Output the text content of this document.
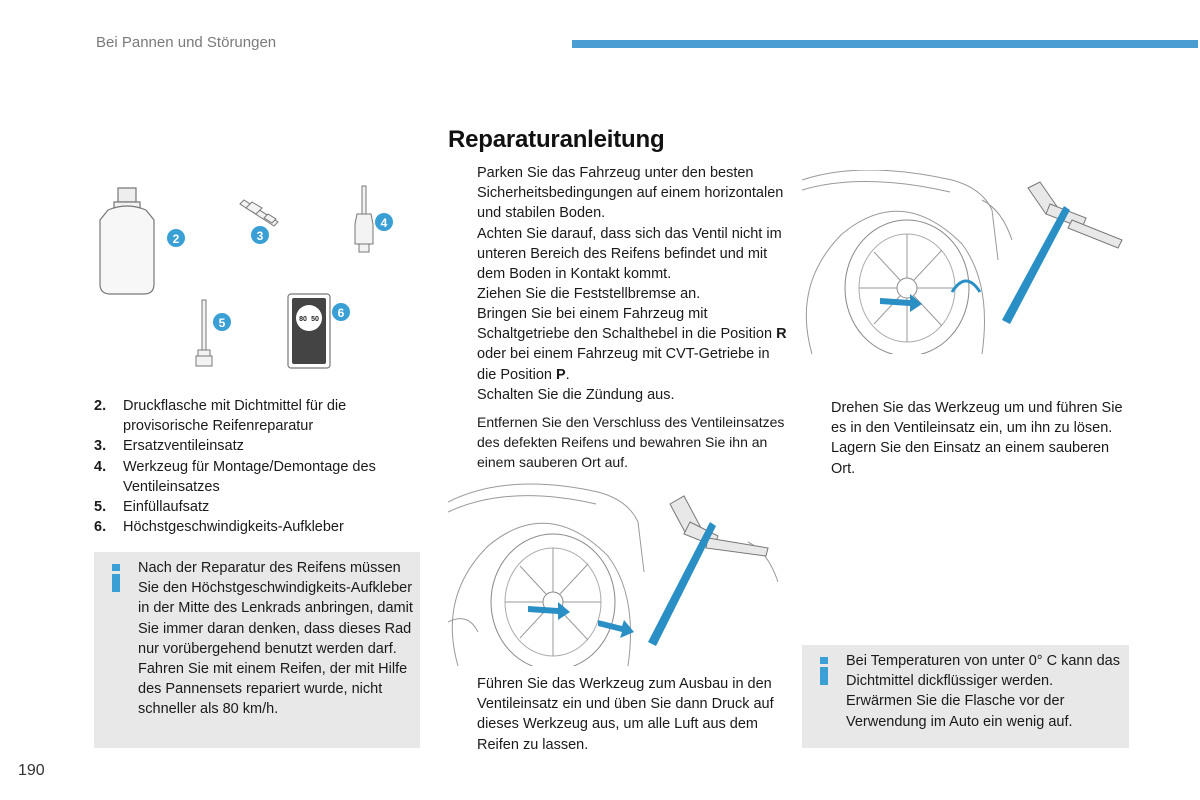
Bei Pannen und Störungen
2	3
4
5	80 50 6
2.	Druckflasche mit Dichtmittel für die provisorische Reifenreparatur
3.	Ersatzventileinsatz
4.	Werkzeug für Montage/Demontage des Ventileinsatzes
5.	Einfüllaufsatz
6.	Höchstgeschwindigkeits-Aufkleber
Nach der Reparatur des Reifens müssen Sie den Höchstgeschwindigkeits-Aufkleber in der Mitte des Lenkrads anbringen, damit Sie immer daran denken, dass dieses Rad nur vorübergehend benutzt werden darf. Fahren Sie mit einem Reifen, der mit Hilfe des Pannensets repariert wurde, nicht schneller als 80 km/h.
Reparaturanleitung

Parken Sie das Fahrzeug unter den besten Sicherheitsbedingungen auf einem horizontalen und stabilen Boden.

Achten Sie darauf, dass sich das Ventil nicht im unteren Bereich des Reifens befindet und mit dem Boden in Kontakt kommt.

Ziehen Sie die Feststellbremse an.

Bringen Sie bei einem Fahrzeug mit Schaltgetriebe den Schalthebel in die Position R oder bei einem Fahrzeug mit CVT-Getriebe in die Position P.

Schalten Sie die Zündung aus.

Entfernen Sie den Verschluss des Ventileinsatzes des defekten Reifens und bewahren Sie ihn an einem sauberen Ort auf.

Führen Sie das Werkzeug zum Ausbau in den Ventileinsatz ein und üben Sie dann Druck auf dieses Werkzeug aus, um alle Luft aus dem Reifen zu lassen.

Drehen Sie das Werkzeug um und führen Sie es in den Ventileinsatz ein, um ihn zu lösen.

Lagern Sie den Einsatz an einem sauberen Ort.

Bei Temperaturen von unter 0° C kann das Dichtmittel dickflüssiger werden. Erwärmen Sie die Flasche vor der Verwendung im Auto ein wenig auf.
190
